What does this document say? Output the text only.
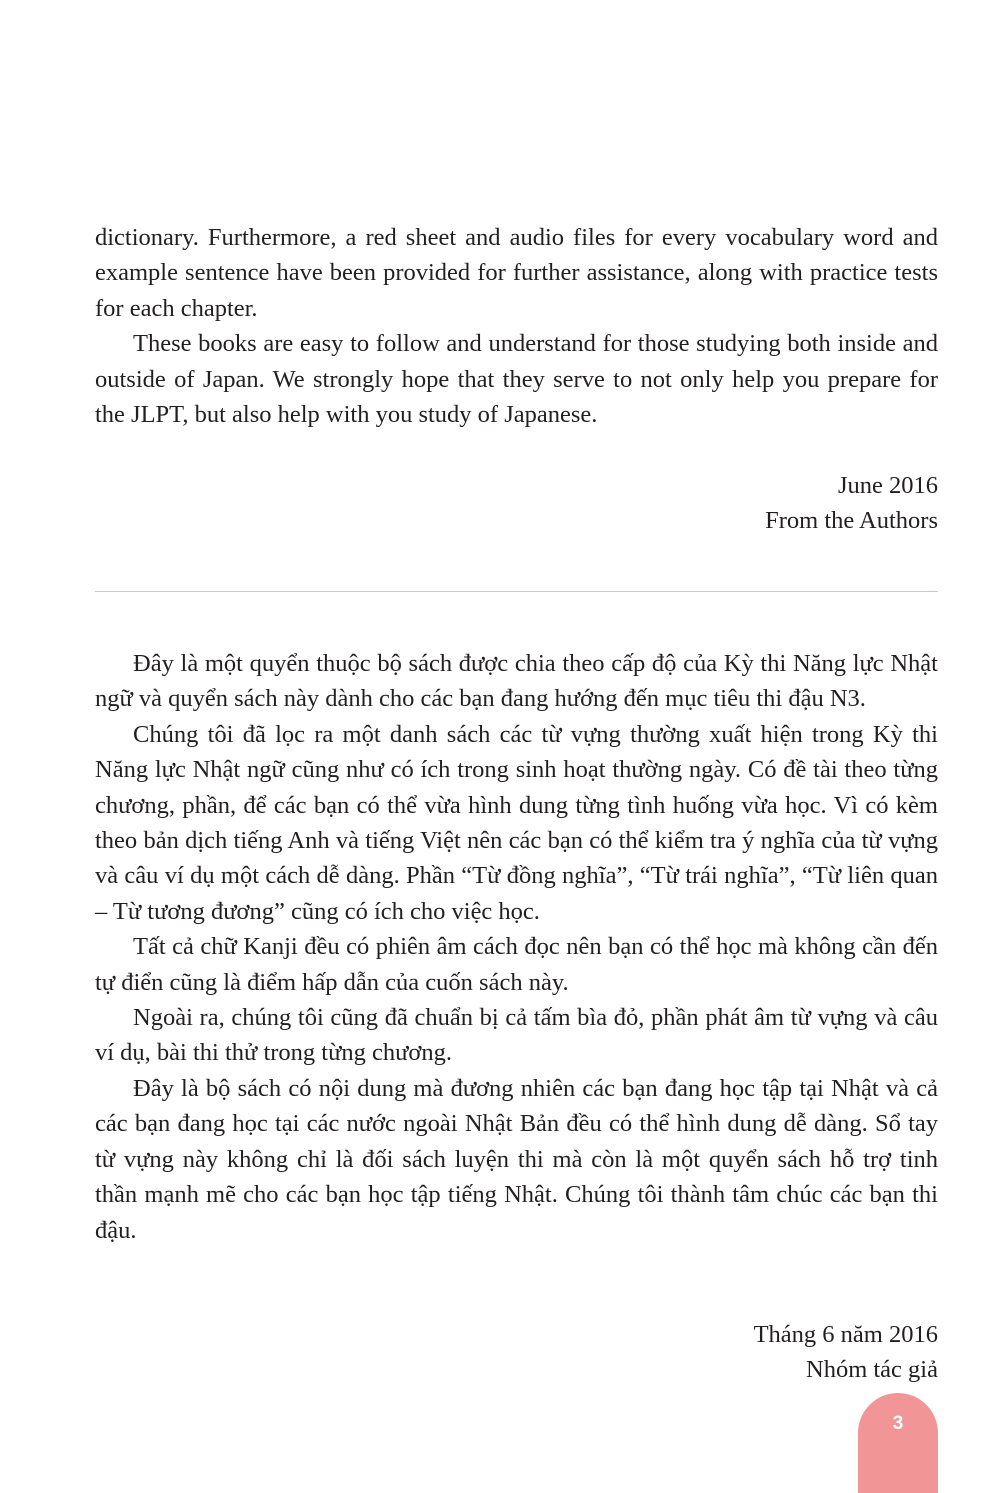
dictionary. Furthermore, a red sheet and audio files for every vocabulary word and example sentence have been provided for further assistance, along with practice tests for each chapter.

These books are easy to follow and understand for those studying both inside and outside of Japan. We strongly hope that they serve to not only help you prepare for the JLPT, but also help with you study of Japanese.

June 2016
From the Authors

Đây là một quyển thuộc bộ sách được chia theo cấp độ của Kỳ thi Năng lực Nhật ngữ và quyển sách này dành cho các bạn đang hướng đến mục tiêu thi đậu N3.

Chúng tôi đã lọc ra một danh sách các từ vựng thường xuất hiện trong Kỳ thi Năng lực Nhật ngữ cũng như có ích trong sinh hoạt thường ngày. Có đề tài theo từng chương, phần, để các bạn có thể vừa hình dung từng tình huống vừa học. Vì có kèm theo bản dịch tiếng Anh và tiếng Việt nên các bạn có thể kiểm tra ý nghĩa của từ vựng và câu ví dụ một cách dễ dàng. Phần “Từ đồng nghĩa”, “Từ trái nghĩa”, “Từ liên quan – Từ tương đương” cũng có ích cho việc học.

Tất cả chữ Kanji đều có phiên âm cách đọc nên bạn có thể học mà không cần đến tự điển cũng là điểm hấp dẫn của cuốn sách này.

Ngoài ra, chúng tôi cũng đã chuẩn bị cả tấm bìa đỏ, phần phát âm từ vựng và câu ví dụ, bài thi thử trong từng chương.

Đây là bộ sách có nội dung mà đương nhiên các bạn đang học tập tại Nhật và cả các bạn đang học tại các nước ngoài Nhật Bản đều có thể hình dung dễ dàng. Sổ tay từ vựng này không chỉ là đối sách luyện thi mà còn là một quyển sách hỗ trợ tinh thần mạnh mẽ cho các bạn học tập tiếng Nhật. Chúng tôi thành tâm chúc các bạn thi đậu.

Tháng 6 năm 2016
Nhóm tác giả
3
